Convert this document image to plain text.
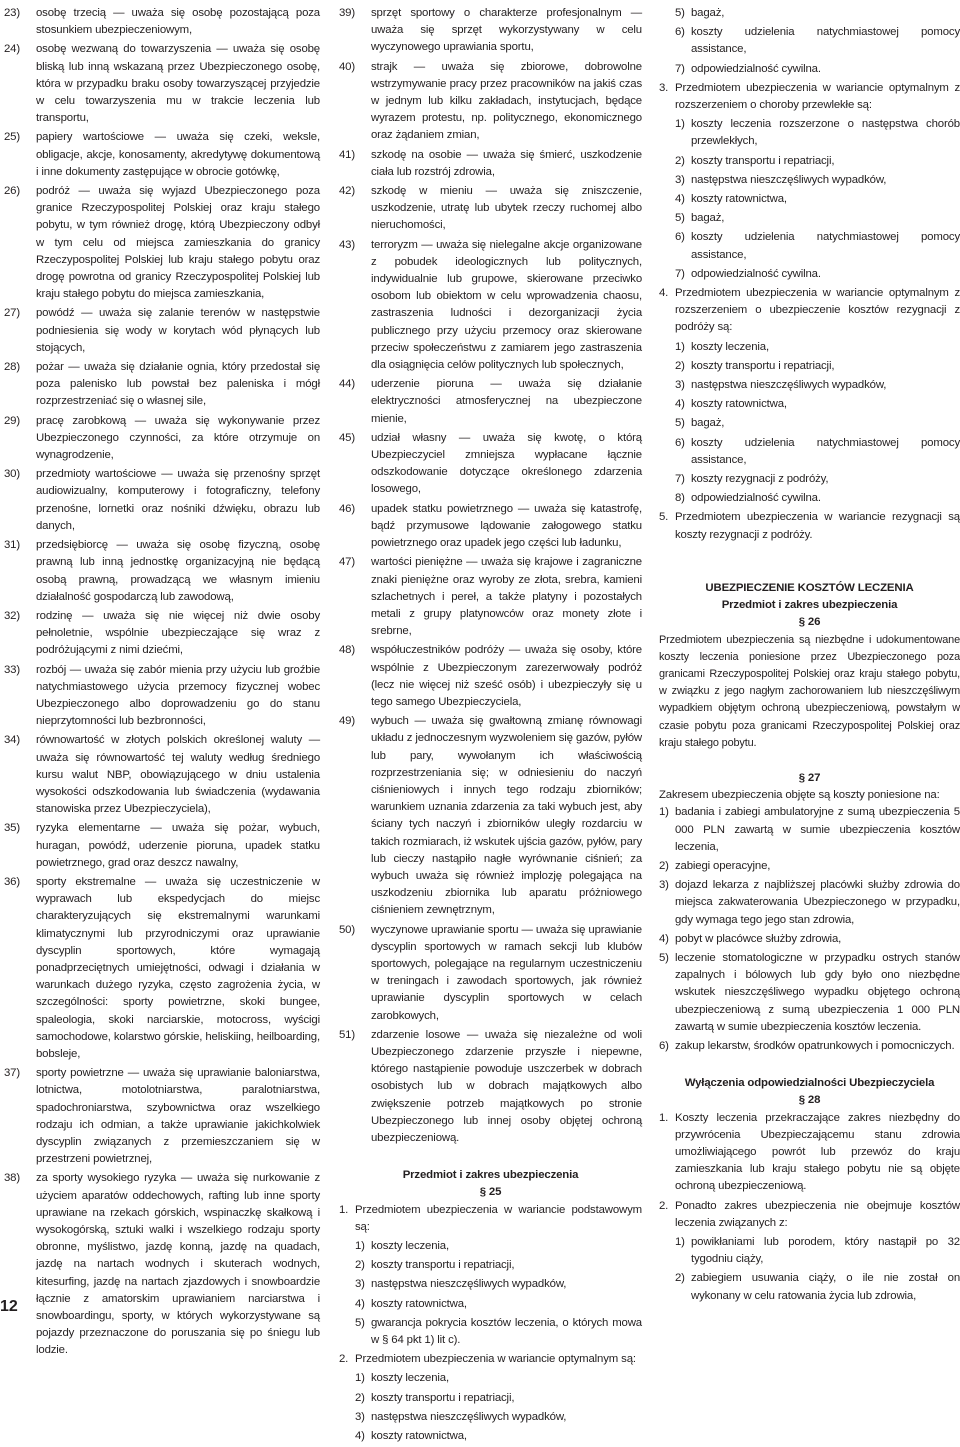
23) osobę trzecią — uważa się osobę pozostającą poza stosunkiem ubezpieczeniowym,
24) osobę wezwaną do towarzyszenia — uważa się osobę bliską lub inną wskazaną przez Ubezpieczonego osobę, która w przypadku braku osoby towarzyszącej przyjedzie w celu towarzyszenia mu w trakcie leczenia lub transportu,
25) papiery wartościowe — uważa się czeki, weksle, obligacje, akcje, konosamenty, akredytywę dokumentową i inne dokumenty zastępujące w obrocie gotówkę,
26) podróż — uważa się wyjazd Ubezpieczonego poza granice Rzeczypospolitej Polskiej oraz kraju stałego pobytu, w tym również drogę, którą Ubezpieczony odbył w tym celu od miejsca zamieszkania do granicy Rzeczypospolitej Polskiej lub kraju stałego pobytu oraz drogę powrotna od granicy Rzeczypospolitej Polskiej lub kraju stałego pobytu do miejsca zamieszkania,
27) powódź — uważa się zalanie terenów w następstwie podniesienia się wody w korytach wód płynących lub stojących,
28) pożar — uważa się działanie ognia, który przedostał się poza palenisko lub powstał bez paleniska i mógł rozprzestrzeniać się o własnej sile,
29) pracę zarobkową — uważa się wykonywanie przez Ubezpieczonego czynności, za które otrzymuje on wynagrodzenie,
30) przedmioty wartościowe — uważa się przenośny sprzęt audiowizualny, komputerowy i fotograficzny, telefony przenośne, lornetki oraz nośniki dźwięku, obrazu lub danych,
31) przedsiębiorcę — uważa się osobę fizyczną, osobę prawną lub inną jednostkę organizacyjną nie będącą osobą prawną, prowadzącą we własnym imieniu działalność gospodarczą lub zawodową,
32) rodzinę — uważa się nie więcej niż dwie osoby pełnoletnie, wspólnie ubezpieczające się wraz z podróżującymi z nimi dziećmi,
33) rozbój — uważa się zabór mienia przy użyciu lub groźbie natychmiastowego użycia przemocy fizycznej wobec Ubezpieczonego albo doprowadzeniu go do stanu nieprzytomności lub bezbronności,
34) równowartość w złotych polskich określonej waluty — uważa się równowartość tej waluty według średniego kursu walut NBP, obowiązującego w dniu ustalenia wysokości odszkodowania lub świadczenia (wydawania stanowiska przez Ubezpieczyciela),
35) ryzyka elementarne — uważa się pożar, wybuch, huragan, powódź, uderzenie pioruna, upadek statku powietrznego, grad oraz deszcz nawalny,
36) sporty ekstremalne — uważa się uczestniczenie w wyprawach lub ekspedycjach do miejsc charakteryzujących się ekstremalnymi warunkami klimatycznymi lub przyrodniczymi oraz uprawianie dyscyplin sportowych, które wymagają ponadprzeciętnych umiejętności, odwagi i działania w warunkach dużego ryzyka, często zagrożenia życia, w szczególności: sporty powietrzne, skoki bungee, spaleologia, skoki narciarskie, motocross, wyścigi samochodowe, kolarstwo górskie, heliskiing, heilboarding, bobsleje,
37) sporty powietrzne — uważa się uprawianie baloniarstwa, lotnictwa, motolotniarstwa, paralotniarstwa, spadochroniarstwa, szybownictwa oraz wszelkiego rodzaju ich odmian, a także uprawianie jakichkolwiek dyscyplin związanych z przemieszczaniem się w przestrzeni powietrznej,
38) za sporty wysokiego ryzyka — uważa się nurkowanie z użyciem aparatów oddechowych, rafting lub inne sporty uprawiane na rzekach górskich, wspinaczkę skałkową i wysokogórską, sztuki walki i wszelkiego rodzaju sporty obronne, myślistwo, jazdę konną, jazdę na quadach, jazdę na nartach wodnych i skuterach wodnych, kitesurfing, jazdę na nartach zjazdowych i snowboardzie łącznie z amatorskim uprawianiem narciarstwa i snowboardingu, sporty, w których wykorzystywane są pojazdy przeznaczone do poruszania się po śniegu lub lodzie.
39) sprzęt sportowy o charakterze profesjonalnym — uważa się sprzęt wykorzystywany w celu wyczynowego uprawiania sportu,
40) strajk — uważa się zbiorowe, dobrowolne wstrzymywanie pracy przez pracowników na jakiś czas w jednym lub kilku zakładach, instytucjach, będące wyrazem protestu, np. politycznego, ekonomicznego oraz żądaniem zmian,
41) szkodę na osobie — uważa się śmierć, uszkodzenie ciała lub rozstrój zdrowia,
42) szkodę w mieniu — uważa się zniszczenie, uszkodzenie, utratę lub ubytek rzeczy ruchomej albo nieruchomości,
43) terroryzm — uważa się nielegalne akcje organizowane z pobudek ideologicznych lub politycznych, indywidualnie lub grupowe, skierowane przeciwko osobom lub obiektom w celu wprowadzenia chaosu, zastraszenia ludności i dezorganizacji życia publicznego przy użyciu przemocy oraz skierowane przeciw społeczeństwu z zamiarem jego zastraszenia dla osiągnięcia celów politycznych lub społecznych,
44) uderzenie pioruna — uważa się działanie elektryczności atmosferycznej na ubezpieczone mienie,
45) udział własny — uważa się kwotę, o którą Ubezpieczyciel zmniejsza wypłacane łącznie odszkodowanie dotyczące określonego zdarzenia losowego,
46) upadek statku powietrznego — uważa się katastrofę, bądź przymusowe lądowanie załogowego statku powietrznego oraz upadek jego części lub ładunku,
47) wartości pieniężne — uważa się krajowe i zagraniczne znaki pieniężne oraz wyroby ze złota, srebra, kamieni szlachetnych i pereł, a także platyny i pozostałych metali z grupy platynowców oraz monety złote i srebrne,
48) współuczestników podróży — uważa się osoby, które wspólnie z Ubezpieczonym zarezerwowały podróż (lecz nie więcej niż sześć osób) i ubezpieczyły się u tego samego Ubezpieczyciela,
49) wybuch — uważa się gwałtowną zmianę równowagi układu z jednoczesnym wyzwoleniem się gazów, pyłów lub pary, wywołanym ich właściwością rozprzestrzeniania się; w odniesieniu do naczyń ciśnieniowych i innych tego rodzaju zbiorników; warunkiem uznania zdarzenia za taki wybuch jest, aby ściany tych naczyń i zbiorników uległy rozdarciu w takich rozmiarach, iż wskutek ujścia gazów, pyłów, pary lub cieczy nastąpiło nagłe wyrównanie ciśnień; za wybuch uważa się również implozję polegająca na uszkodzeniu zbiornika lub aparatu próżniowego ciśnieniem zewnętrznym,
50) wyczynowe uprawianie sportu — uważa się uprawianie dyscyplin sportowych w ramach sekcji lub klubów sportowych, polegające na regularnym uczestniczeniu w treningach i zawodach sportowych, jak również uprawianie dyscyplin sportowych w celach zarobkowych,
51) zdarzenie losowe — uważa się niezależne od woli Ubezpieczonego zdarzenie przyszłe i niepewne, którego nastąpienie powoduje uszczerbek w dobrach osobistych lub w dobrach majątkowych albo zwiększenie potrzeb majątkowych po stronie Ubezpieczonego lub innej osoby objętej ochroną ubezpieczeniową.
Przedmiot i zakres ubezpieczenia
§ 25
1. Przedmiotem ubezpieczenia w wariancie podstawowym są:
1) koszty leczenia,
2) koszty transportu i repatriacji,
3) następstwa nieszczęśliwych wypadków,
4) koszty ratownictwa,
5) gwarancja pokrycia kosztów leczenia, o których mowa w § 64 pkt 1) lit c).
2. Przedmiotem ubezpieczenia w wariancie optymalnym są:
1) koszty leczenia,
2) koszty transportu i repatriacji,
3) następstwa nieszczęśliwych wypadków,
4) koszty ratownictwa,
5) bagaż,
6) koszty udzielenia natychmiastowej pomocy assistance,
7) odpowiedzialność cywilna.
3. Przedmiotem ubezpieczenia w wariancie optymalnym z rozszerzeniem o choroby przewlekłe są:
1) koszty leczenia rozszerzone o następstwa chorób przewlekłych,
2) koszty transportu i repatriacji,
3) następstwa nieszczęśliwych wypadków,
4) koszty ratownictwa,
5) bagaż,
6) koszty udzielenia natychmiastowej pomocy assistance,
7) odpowiedzialność cywilna.
4. Przedmiotem ubezpieczenia w wariancie optymalnym z rozszerzeniem o ubezpieczenie kosztów rezygnacji z podróży są:
1) koszty leczenia,
2) koszty transportu i repatriacji,
3) następstwa nieszczęśliwych wypadków,
4) koszty ratownictwa,
5) bagaż,
6) koszty udzielenia natychmiastowej pomocy assistance,
7) koszty rezygnacji z podróży,
8) odpowiedzialność cywilna.
5. Przedmiotem ubezpieczenia w wariancie rezygnacji są koszty rezygnacji z podróży.
UBEZPIECZENIE KOSZTÓW LECZENIA
Przedmiot i zakres ubezpieczenia
§ 26
Przedmiotem ubezpieczenia są niezbędne i udokumentowane koszty leczenia poniesione przez Ubezpieczonego poza granicami Rzeczypospolitej Polskiej oraz kraju stałego pobytu, w związku z jego nagłym zachorowaniem lub nieszczęśliwym wypadkiem objętym ochroną ubezpieczeniową, powstałym w czasie pobytu poza granicami Rzeczypospolitej Polskiej oraz kraju stałego pobytu.
§ 27
Zakresem ubezpieczenia objęte są koszty poniesione na:
1) badania i zabiegi ambulatoryjne z sumą ubezpieczenia 5 000 PLN zawartą w sumie ubezpieczenia kosztów leczenia,
2) zabiegi operacyjne,
3) dojazd lekarza z najbliższej placówki służby zdrowia do miejsca zakwaterowania Ubezpieczonego w przypadku, gdy wymaga tego jego stan zdrowia,
4) pobyt w placówce służby zdrowia,
5) leczenie stomatologiczne w przypadku ostrych stanów zapalnych i bólowych lub gdy było ono niezbędne wskutek nieszczęśliwego wypadku objętego ochroną ubezpieczeniową z sumą ubezpieczenia 1 000 PLN zawartą w sumie ubezpieczenia kosztów leczenia.
6) zakup lekarstw, środków opatrunkowych i pomocniczych.
Wyłączenia odpowiedzialności Ubezpieczyciela
§ 28
1. Koszty leczenia przekraczające zakres niezbędny do przywrócenia Ubezpieczającemu stanu zdrowia umożliwiającego powrót lub przewóz do kraju zamieszkania lub kraju stałego pobytu nie są objęte ochroną ubezpieczeniową.
2. Ponadto zakres ubezpieczenia nie obejmuje kosztów leczenia związanych z:
1) powikłaniami lub porodem, który nastąpił po 32 tygodniu ciąży,
2) zabiegiem usuwania ciąży, o ile nie został on wykonany w celu ratowania życia lub zdrowia,
12
